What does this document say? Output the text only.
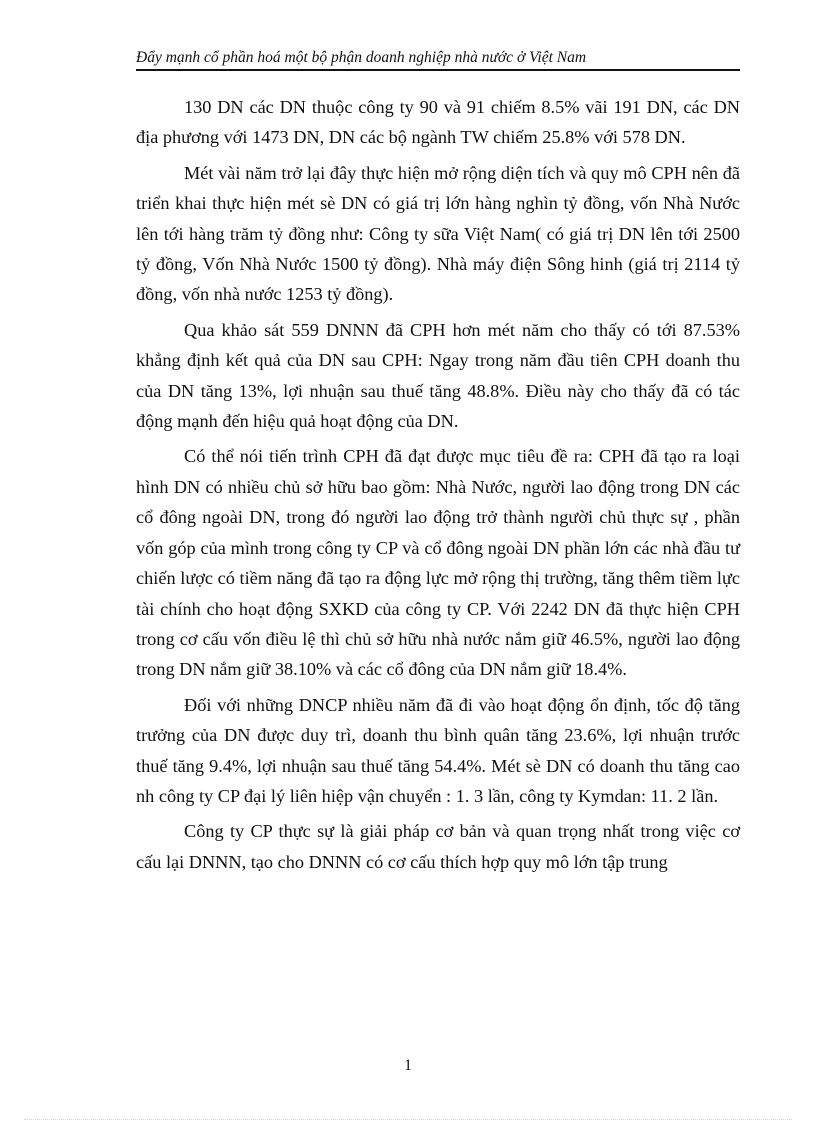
Đẩy mạnh cổ phần hoá một bộ phận doanh nghiệp nhà nước ở Việt Nam

130 DN các DN thuộc công ty 90 và 91 chiếm 8.5% vãi 191 DN, các DN địa phương với 1473 DN, DN các bộ ngành TW chiếm 25.8% với 578 DN.

Mét vài năm trở lại đây thực hiện mở rộng diện tích và quy mô CPH nên đã triển khai thực hiện mét sè DN có giá trị lớn hàng nghìn tỷ đồng, vốn Nhà Nước lên tới hàng trăm tỷ đồng như: Công ty sữa Việt Nam( có giá trị DN lên tới 2500 tỷ đồng, Vốn Nhà Nước 1500 tỷ đồng). Nhà máy điện Sông hinh (giá trị 2114 tỷ đồng, vốn nhà nước 1253 tỷ đồng).

Qua khảo sát 559 DNNN đã CPH hơn mét năm cho thấy có tới 87.53% khẳng định kết quả của DN sau CPH: Ngay trong năm đầu tiên CPH doanh thu của DN tăng 13%, lợi nhuận sau thuế tăng 48.8%. Điều này cho thấy đã có tác động mạnh đến hiệu quả hoạt động của DN.

Có thể nói tiến trình CPH đã đạt được mục tiêu đề ra: CPH đã tạo ra loại hình DN có nhiều chủ sở hữu bao gồm: Nhà Nước, người lao động trong DN các cổ đông ngoài DN, trong đó người lao động trở thành người chủ thực sự , phần vốn góp của mình trong công ty CP và cổ đông ngoài DN phần lớn các nhà đầu tư chiến lược có tiềm năng đã tạo ra động lực mở rộng thị trường, tăng thêm tiềm lực tài chính cho hoạt động SXKD của công ty CP. Với 2242 DN đã thực hiện CPH trong cơ cấu vốn điều lệ thì chủ sở hữu nhà nước nắm giữ 46.5%, người lao động trong DN nắm giữ 38.10% và các cổ đông của DN nắm giữ 18.4%.

Đối với những DNCP nhiều năm đã đi vào hoạt động ổn định, tốc độ tăng trưởng của DN được duy trì, doanh thu bình quân tăng 23.6%, lợi nhuận trước thuế tăng 9.4%, lợi nhuận sau thuế tăng 54.4%. Mét sè DN có doanh thu tăng cao nh công ty CP đại lý liên hiệp vận chuyển : 1. 3 lần, công ty Kymdan: 11. 2 lần.

Công ty CP thực sự là giải pháp cơ bản và quan trọng nhất trong việc cơ cấu lại DNNN, tạo cho DNNN có cơ cấu thích hợp quy mô lớn tập trung

1
